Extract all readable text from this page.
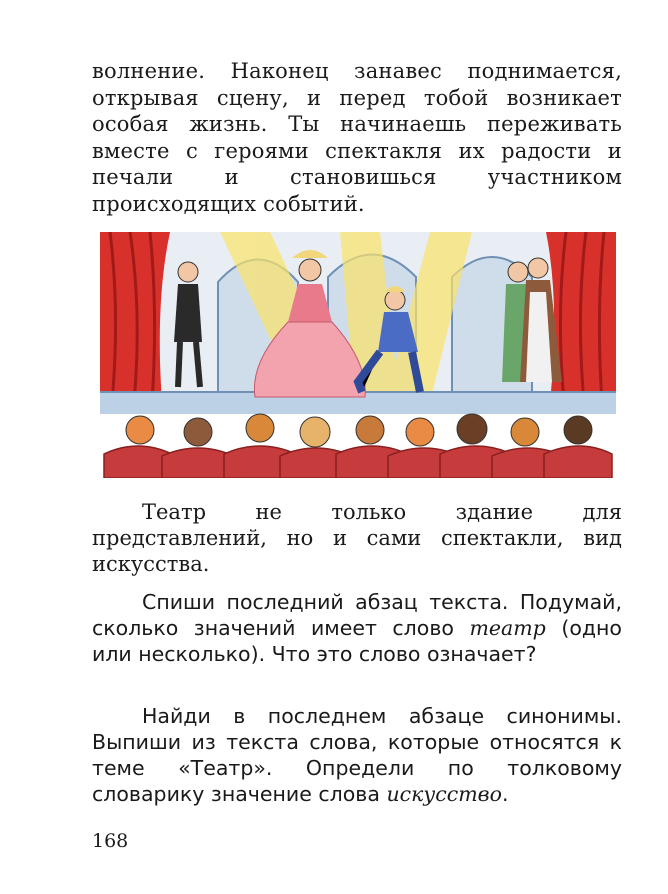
волнение. Наконец занавес поднимается, открывая сцену, и перед тобой возникает особая жизнь. Ты начинаешь переживать вместе с героями спектакля их радости и печали и становишься участником происходящих событий.

Театр не только здание для представлений, но и сами спектакли, вид искусства.

Спиши последний абзац текста. Подумай, сколько значений имеет слово театр (одно или несколько). Что это слово означает?

Найди в последнем абзаце синонимы. Выпиши из текста слова, которые относятся к теме «Театр». Определи по толковому словарику значение слова искусство.

168
